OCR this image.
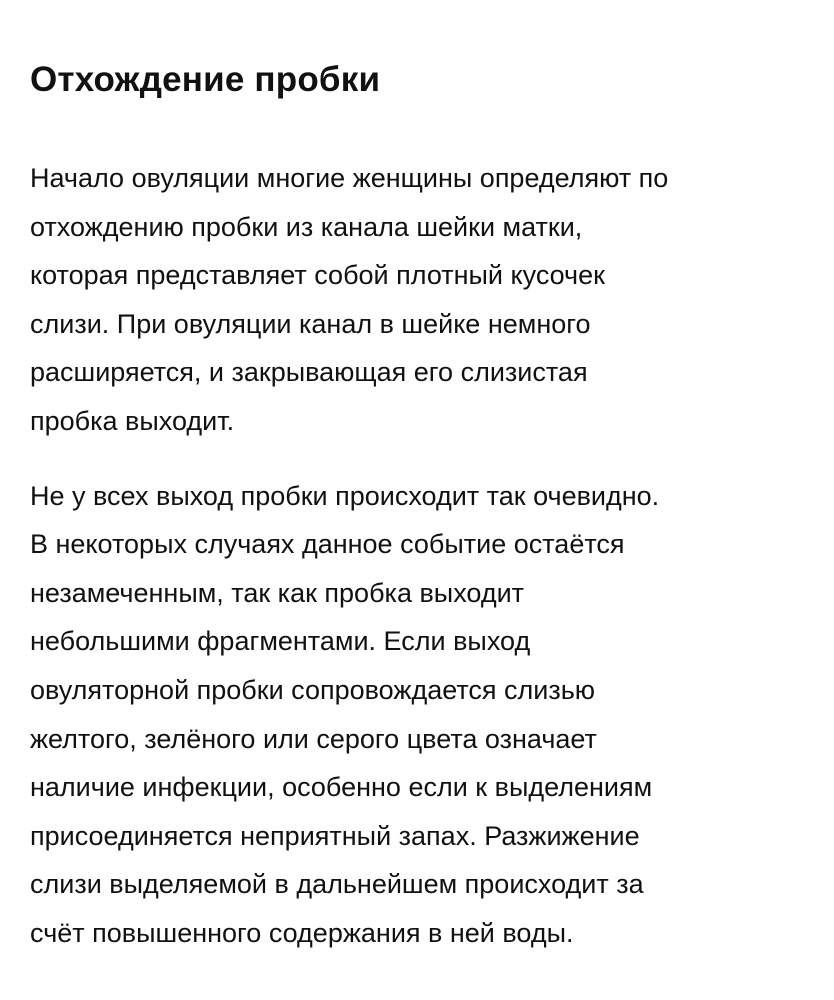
Отхождение пробки

Начало овуляции многие женщины определяют по
отхождению пробки из канала шейки матки,
которая представляет собой плотный кусочек
слизи. При овуляции канал в шейке немного
расширяется, и закрывающая его слизистая
пробка выходит.

Не у всех выход пробки происходит так очевидно.
В некоторых случаях данное событие остаётся
незамеченным, так как пробка выходит
небольшими фрагментами. Если выход
овуляторной пробки сопровождается слизью
желтого, зелёного или серого цвета означает
наличие инфекции, особенно если к выделениям
присоединяется неприятный запах. Разжижение
слизи выделяемой в дальнейшем происходит за
счёт повышенного содержания в ней воды.
